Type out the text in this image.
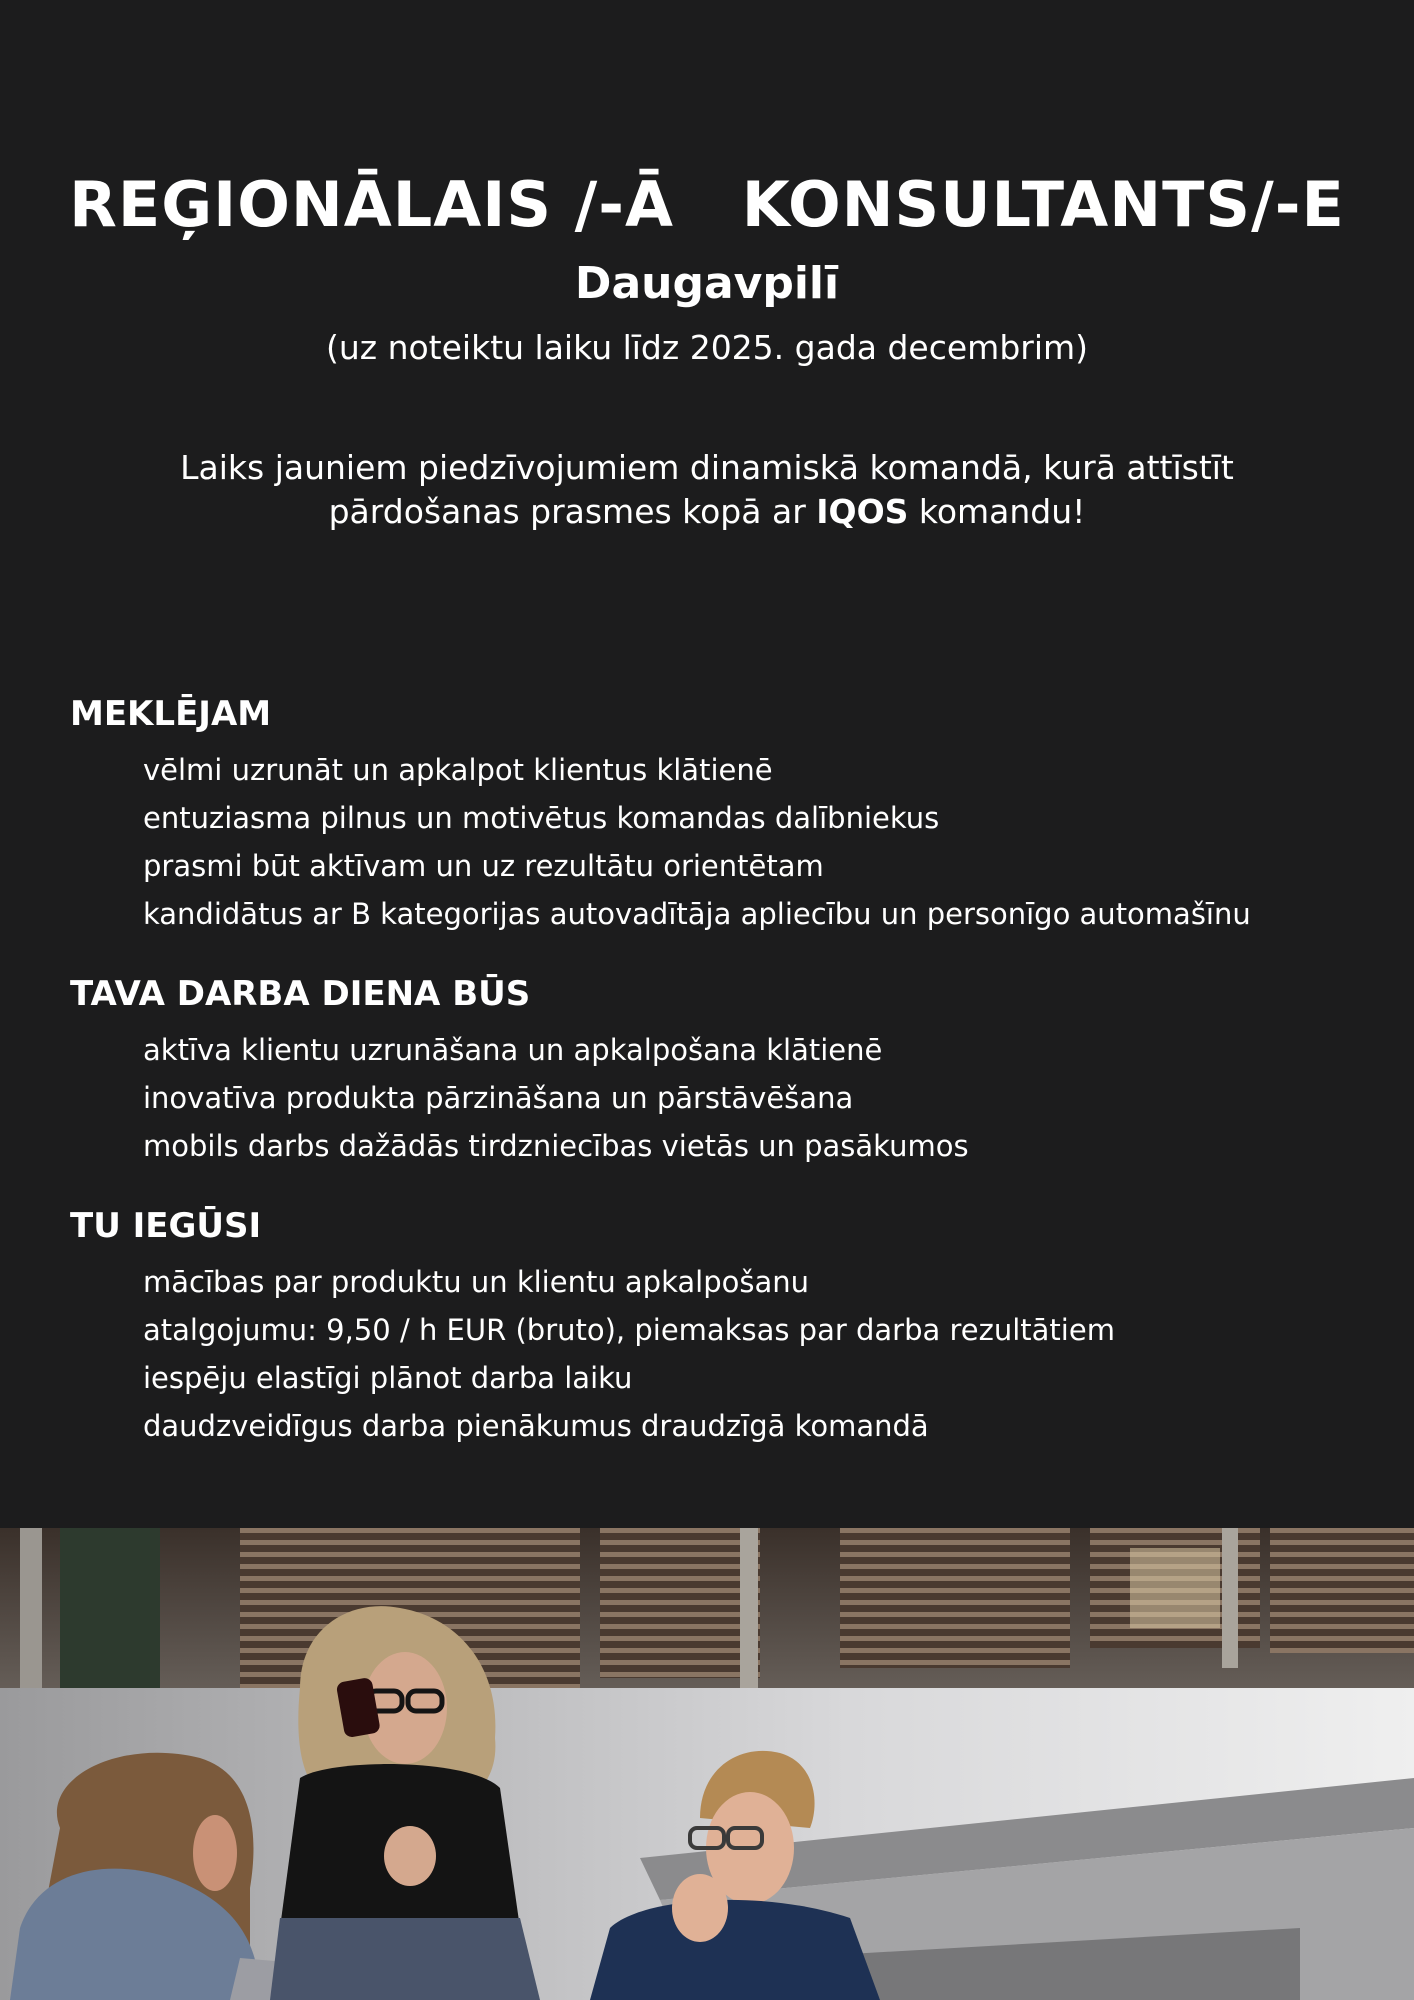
REĢIONĀLAIS /-Ā   KONSULTANTS/-E
Daugavpilī
(uz noteiktu laiku līdz 2025. gada decembrim)

Laiks jauniem piedzīvojumiem dinamiskā komandā, kurā attīstīt
pārdošanas prasmes kopā ar IQOS komandu!

MEKLĒJAM
vēlmi uzrunāt un apkalpot klientus klātienē
entuziasma pilnus un motivētus komandas dalībniekus
prasmi būt aktīvam un uz rezultātu orientētam
kandidātus ar B kategorijas autovadītāja apliecību un personīgo automašīnu
TAVA DARBA DIENA BŪS
aktīva klientu uzrunāšana un apkalpošana klātienē
inovatīva produkta pārzināšana un pārstāvēšana
mobils darbs dažādās tirdzniecības vietās un pasākumos
TU IEGŪSI
mācības par produktu un klientu apkalpošanu
atalgojumu: 9,50 / h EUR (bruto), piemaksas par darba rezultātiem
iespēju elastīgi plānot darba laiku
daudzveidīgus darba pienākumus draudzīgā komandā
